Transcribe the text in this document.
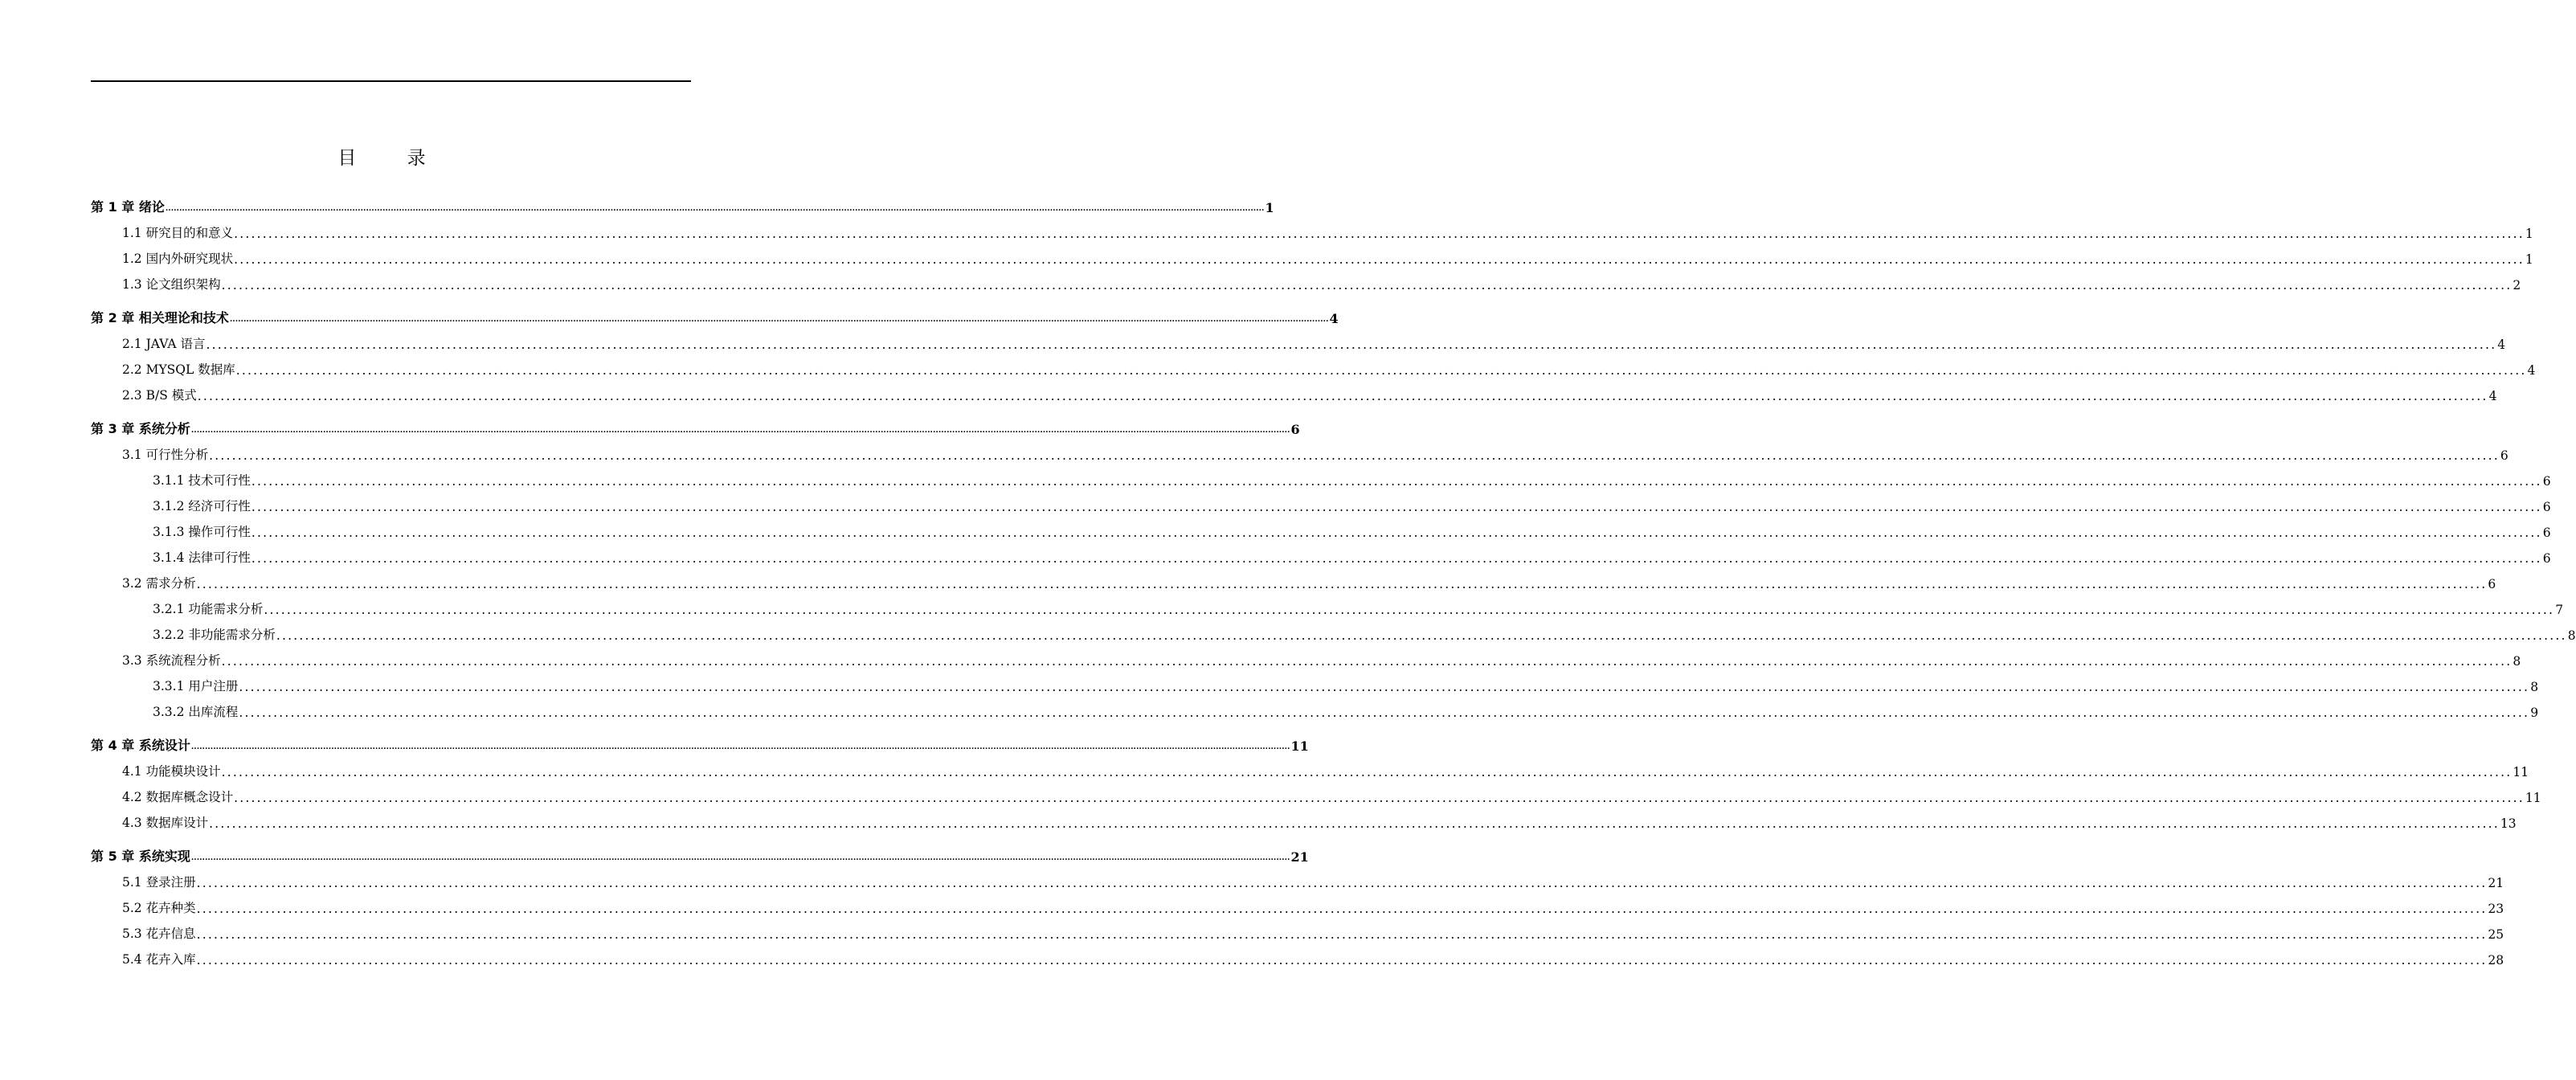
目 录
第 1 章 绪论 ................................................................................................................................................................................................................................................................................................................................................................................................................ 1
1.1 研究目的和意义 ................................................................................................................................................................................................................................................................................................................................................................................................................ 1
1.2 国内外研究现状 ................................................................................................................................................................................................................................................................................................................................................................................................................ 1
1.3 论文组织架构 ................................................................................................................................................................................................................................................................................................................................................................................................................ 2
第 2 章 相关理论和技术 ................................................................................................................................................................................................................................................................................................................................................................................................................ 4
2.1 JAVA 语言 ................................................................................................................................................................................................................................................................................................................................................................................................................ 4
2.2 MYSQL 数据库 ................................................................................................................................................................................................................................................................................................................................................................................................................ 4
2.3 B/S 模式 ................................................................................................................................................................................................................................................................................................................................................................................................................ 4
第 3 章 系统分析 ................................................................................................................................................................................................................................................................................................................................................................................................................ 6
3.1 可行性分析 ................................................................................................................................................................................................................................................................................................................................................................................................................ 6
3.1.1 技术可行性 ................................................................................................................................................................................................................................................................................................................................................................................................................ 6
3.1.2 经济可行性 ................................................................................................................................................................................................................................................................................................................................................................................................................ 6
3.1.3 操作可行性 ................................................................................................................................................................................................................................................................................................................................................................................................................ 6
3.1.4 法律可行性 ................................................................................................................................................................................................................................................................................................................................................................................................................ 6
3.2 需求分析 ................................................................................................................................................................................................................................................................................................................................................................................................................ 6
3.2.1 功能需求分析 ................................................................................................................................................................................................................................................................................................................................................................................................................ 7
3.2.2 非功能需求分析 ................................................................................................................................................................................................................................................................................................................................................................................................................ 8
3.3 系统流程分析 ................................................................................................................................................................................................................................................................................................................................................................................................................ 8
3.3.1 用户注册 ................................................................................................................................................................................................................................................................................................................................................................................................................ 8
3.3.2 出库流程 ................................................................................................................................................................................................................................................................................................................................................................................................................ 9
第 4 章 系统设计 ................................................................................................................................................................................................................................................................................................................................................................................................................ 11
4.1 功能模块设计 ................................................................................................................................................................................................................................................................................................................................................................................................................ 11
4.2 数据库概念设计 ................................................................................................................................................................................................................................................................................................................................................................................................................ 11
4.3 数据库设计 ................................................................................................................................................................................................................................................................................................................................................................................................................ 13
第 5 章 系统实现 ................................................................................................................................................................................................................................................................................................................................................................................................................ 21
5.1 登录注册 ................................................................................................................................................................................................................................................................................................................................................................................................................ 21
5.2 花卉种类 ................................................................................................................................................................................................................................................................................................................................................................................................................ 23
5.3 花卉信息 ................................................................................................................................................................................................................................................................................................................................................................................................................ 25
5.4 花卉入库 ................................................................................................................................................................................................................................................................................................................................................................................................................ 28
